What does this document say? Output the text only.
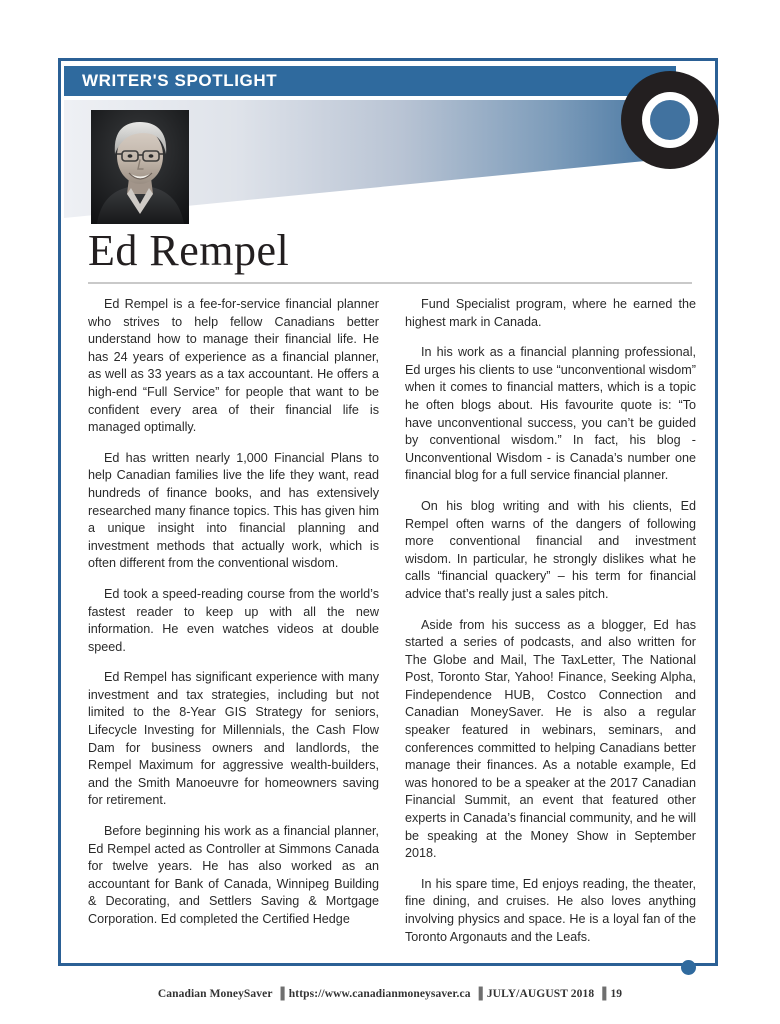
WRITER'S SPOTLIGHT
Ed Rempel

Ed Rempel is a fee-for-service financial planner who strives to help fellow Canadians better understand how to manage their financial life. He has 24 years of experience as a financial planner, as well as 33 years as a tax accountant. He offers a high-end “Full Service” for people that want to be confident every area of their financial life is managed optimally.

Ed has written nearly 1,000 Financial Plans to help Canadian families live the life they want, read hundreds of finance books, and has extensively researched many finance topics. This has given him a unique insight into financial planning and investment methods that actually work, which is often different from the conventional wisdom.

Ed took a speed-reading course from the world’s fastest reader to keep up with all the new information. He even watches videos at double speed.

Ed Rempel has significant experience with many investment and tax strategies, including but not limited to the 8-Year GIS Strategy for seniors, Lifecycle Investing for Millennials, the Cash Flow Dam for business owners and landlords, the Rempel Maximum for aggressive wealth-builders, and the Smith Manoeuvre for homeowners saving for retirement.

Before beginning his work as a financial planner, Ed Rempel acted as Controller at Simmons Canada for twelve years. He has also worked as an accountant for Bank of Canada, Winnipeg Building & Decorating, and Settlers Saving & Mortgage Corporation. Ed completed the Certified Hedge

Fund Specialist program, where he earned the highest mark in Canada.

In his work as a financial planning professional, Ed urges his clients to use “unconventional wisdom” when it comes to financial matters, which is a topic he often blogs about. His favourite quote is: “To have unconventional success, you can’t be guided by conventional wisdom.” In fact, his blog - Unconventional Wisdom - is Canada’s number one financial blog for a full service financial planner.

On his blog writing and with his clients, Ed Rempel often warns of the dangers of following more conventional financial and investment wisdom. In particular, he strongly dislikes what he calls “financial quackery” – his term for financial advice that’s really just a sales pitch.

Aside from his success as a blogger, Ed has started a series of podcasts, and also written for The Globe and Mail, The TaxLetter, The National Post, Toronto Star, Yahoo! Finance, Seeking Alpha, Findependence HUB, Costco Connection and Canadian MoneySaver. He is also a regular speaker featured in webinars, seminars, and conferences committed to helping Canadians better manage their finances. As a notable example, Ed was honored to be a speaker at the 2017 Canadian Financial Summit, an event that featured other experts in Canada’s financial community, and he will be speaking at the Money Show in September 2018.

In his spare time, Ed enjoys reading, the theater, fine dining, and cruises. He also loves anything involving physics and space. He is a loyal fan of the Toronto Argonauts and the Leafs.

Canadian MoneySaver ▐ https://www.canadianmoneysaver.ca ▐ JULY/AUGUST 2018 ▐ 19
